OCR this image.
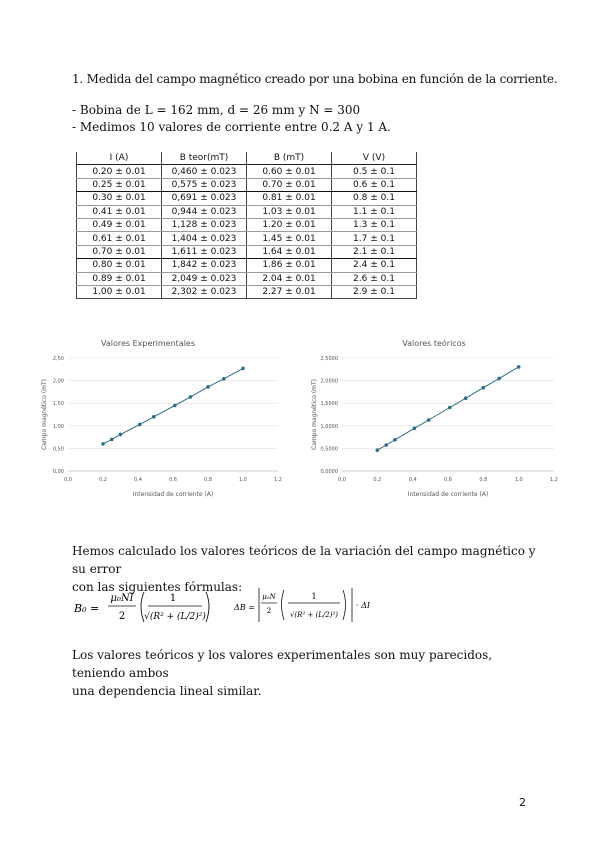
1. Medida del campo magnético creado por una bobina en función de la corriente.
- Bobina de L = 162 mm, d = 26 mm y N = 300
- Medimos 10 valores de corriente entre 0.2 A y 1 A.
I (A)	B teor(mT)	B (mT)	V (V)
0.20 ± 0.01	0,460 ± 0.023	0.60 ± 0.01	0.5 ± 0.1
0.25 ± 0.01	0,575 ± 0.023	0.70 ± 0.01	0.6 ± 0.1
0.30 ± 0.01	0,691 ± 0.023	0.81 ± 0.01	0.8 ± 0.1
0.41 ± 0.01	0,944 ± 0.023	1.03 ± 0.01	1.1 ± 0.1
0.49 ± 0.01	1,128 ± 0.023	1.20 ± 0.01	1.3 ± 0.1
0.61 ± 0.01	1,404 ± 0.023	1.45 ± 0.01	1.7 ± 0.1
0.70 ± 0.01	1,611 ± 0.023	1.64 ± 0.01	2.1 ± 0.1
0.80 ± 0.01	1,842 ± 0.023	1.86 ± 0.01	2.4 ± 0.1
0.89 ± 0.01	2,049 ± 0.023	2.04 ± 0.01	2.6 ± 0.1
1.00 ± 0.01	2,302 ± 0.023	2.27 ± 0.01	2.9 ± 0.1
Valores Experimentales
0,00
0,50
1,00
1,50
2,00
2,50
0,0	0,2	0,4	0,6	0,8	1,0	1,2
Intensidad de corriente (A)
Campo magnético (mT)
Valores teóricos
0,0000
0,5000
1,0000
1,5000
2,0000
2,5000
0,0	0,2	0,4	0,6	0,8	1,0	1,2
Intensidad de corriente (A)
Campo magnético (mT)
Hemos calculado los valores teóricos de la variación del campo magnético y su error
con las siguientes fórmulas:
B₀ =
μ₀NI
2
1
√(R² + (L/2)²)
ΔB =
μ₀N
2
1
√(R² + (L/2)²)
· ΔI
Los valores teóricos y los valores experimentales son muy parecidos, teniendo ambos
una dependencia lineal similar.
2
